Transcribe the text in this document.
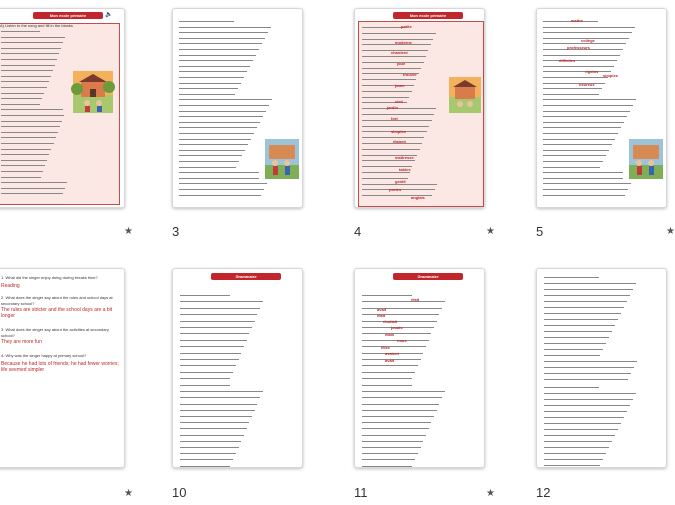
Mon école primaire	🔈
A) Listen to the song and fill in the blanks
★	3
Mon école primaire
petite
moderne
chantent
joue
trouver
jouer
vieil
jardin
fort
simples
étaient
maîtresse
tables
gentil
portes
anglais
4	★
maître
collège
professeurs
difficiles
rigolos
simples
heureux
5	★
1. What did the singer enjoy doing during breaks time?
Reading
2. What does the singer say about the rules and school days at secondary school?
The rules are stricter and the school days are a bit longer
3. What does the singer say about the activities at secondary school?
They are more fun
4. Why was the singer happy at primary school?
Because he had lots of friends; he had fewer worries; life seemed simpler
★
Grammaire
10
Grammaire
était
avait
était
étudiait
jouais
étais
nous
étiez
avaient
avait
11	★	12
